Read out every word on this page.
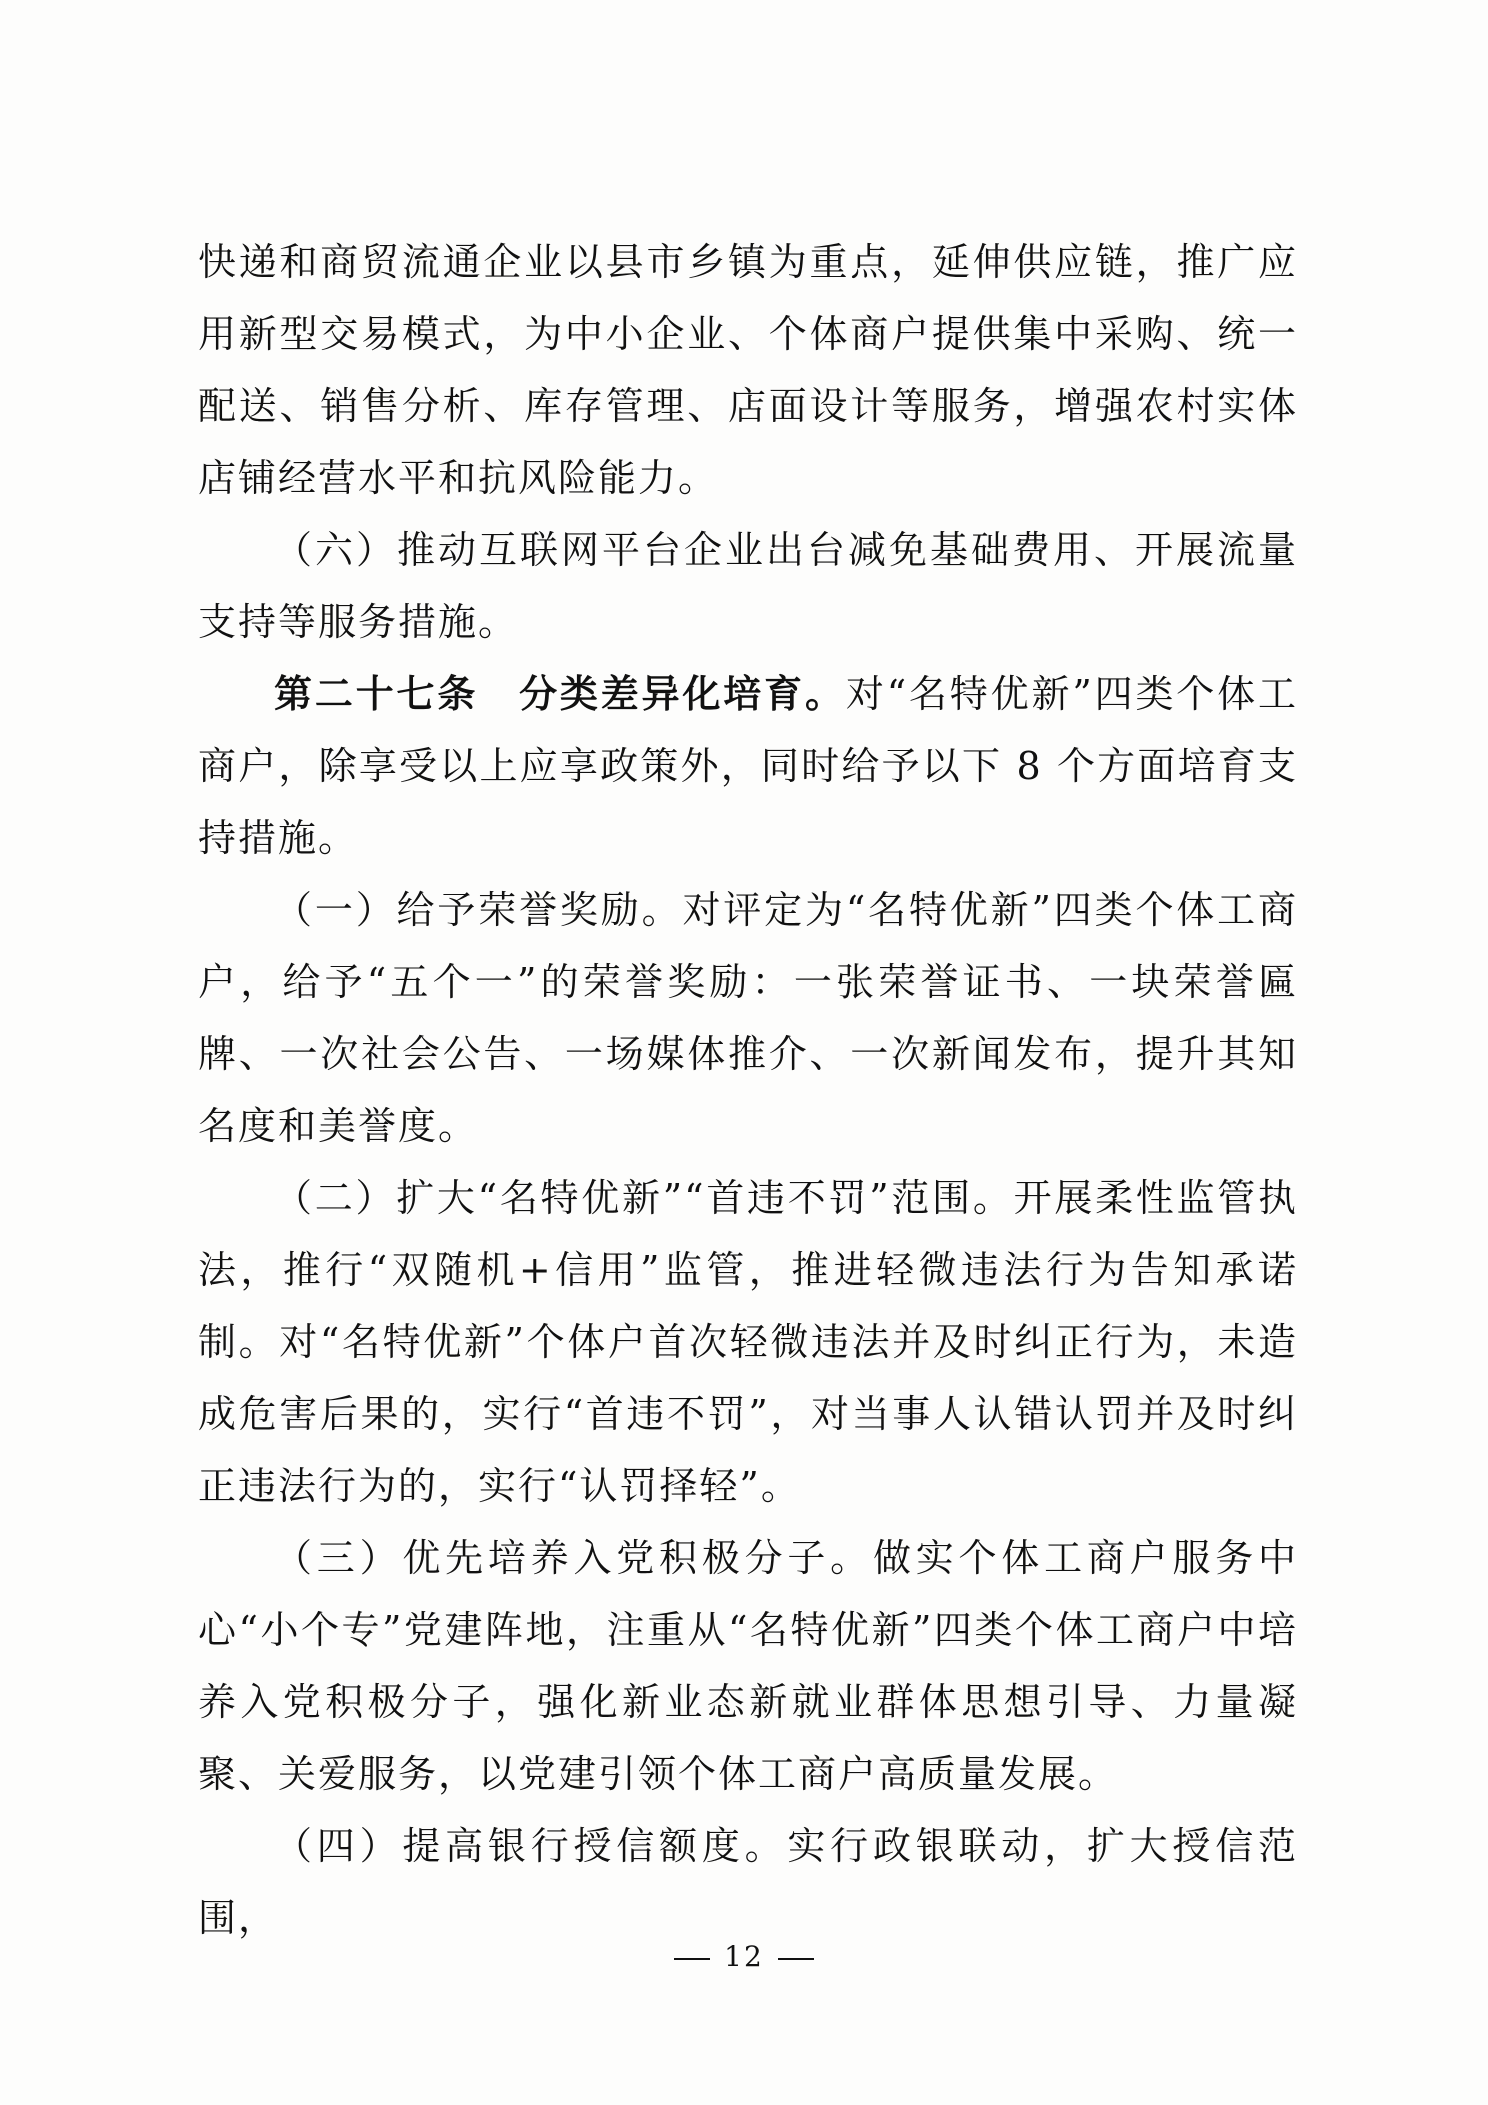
快递和商贸流通企业以县市乡镇为重点，延伸供应链，推广应用新型交易模式，为中小企业、个体商户提供集中采购、统一配送、销售分析、库存管理、店面设计等服务，增强农村实体店铺经营水平和抗风险能力。

（六）推动互联网平台企业出台减免基础费用、开展流量支持等服务措施。

第二十七条　分类差异化培育。对“名特优新”四类个体工商户，除享受以上应享政策外，同时给予以下 8 个方面培育支持措施。

（一）给予荣誉奖励。对评定为“名特优新”四类个体工商户，给予“五个一”的荣誉奖励：一张荣誉证书、一块荣誉匾牌、一次社会公告、一场媒体推介、一次新闻发布，提升其知名度和美誉度。

（二）扩大“名特优新”“首违不罚”范围。开展柔性监管执法，推行“双随机+信用”监管，推进轻微违法行为告知承诺制。对“名特优新”个体户首次轻微违法并及时纠正行为，未造成危害后果的，实行“首违不罚”，对当事人认错认罚并及时纠正违法行为的，实行“认罚择轻”。

（三）优先培养入党积极分子。做实个体工商户服务中心“小个专”党建阵地，注重从“名特优新”四类个体工商户中培养入党积极分子，强化新业态新就业群体思想引导、力量凝聚、关爱服务，以党建引领个体工商户高质量发展。

（四）提高银行授信额度。实行政银联动，扩大授信范围，

12
